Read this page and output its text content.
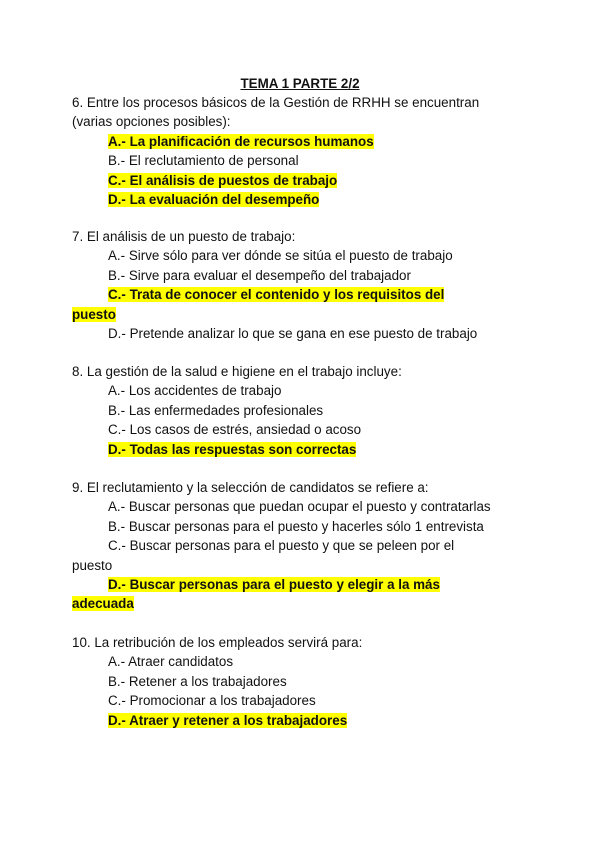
TEMA 1 PARTE 2/2
6. Entre los procesos básicos de la Gestión de RRHH se encuentran
(varias opciones posibles):
A.- La planificación de recursos humanos
B.- El reclutamiento de personal
C.- El análisis de puestos de trabajo
D.- La evaluación del desempeño
7. El análisis de un puesto de trabajo:
A.- Sirve sólo para ver dónde se sitúa el puesto de trabajo
B.- Sirve para evaluar el desempeño del trabajador
C.- Trata de conocer el contenido y los requisitos del
puesto
D.- Pretende analizar lo que se gana en ese puesto de trabajo
8. La gestión de la salud e higiene en el trabajo incluye:
A.- Los accidentes de trabajo
B.- Las enfermedades profesionales
C.- Los casos de estrés, ansiedad o acoso
D.- Todas las respuestas son correctas
9. El reclutamiento y la selección de candidatos se refiere a:
A.- Buscar personas que puedan ocupar el puesto y contratarlas
B.- Buscar personas para el puesto y hacerles sólo 1 entrevista
C.- Buscar personas para el puesto y que se peleen por el
puesto
D.- Buscar personas para el puesto y elegir a la más
adecuada
10. La retribución de los empleados servirá para:
A.- Atraer candidatos
B.- Retener a los trabajadores
C.- Promocionar a los trabajadores
D.- Atraer y retener a los trabajadores
